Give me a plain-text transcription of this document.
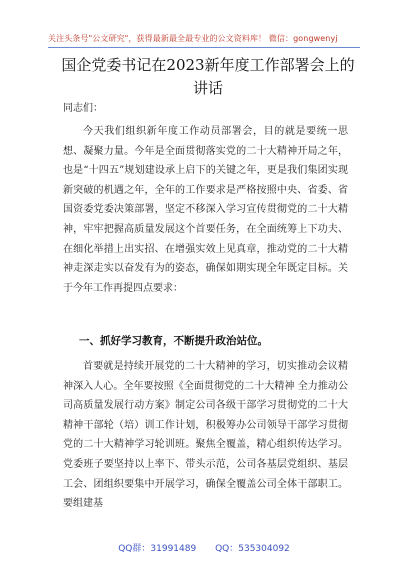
关注头条号"公文研究"，获得最新最全最专业的公文资料库！ 微信：gongwenyj
国企党委书记在2023新年度工作部署会上的讲话
同志们：

今天我们组织新年度工作动员部署会，目的就是要统一思想、凝聚力量。今年是全面贯彻落实党的二十大精神开局之年，也是“十四五”规划建设承上启下的关键之年，更是我们集团实现新突破的机遇之年，全年的工作要求是严格按照中央、省委、省国资委党委决策部署，坚定不移深入学习宣传贯彻党的二十大精神，牢牢把握高质量发展这个首要任务，在全面统筹上下功夫、在细化举措上出实招、在增强实效上见真章，推动党的二十大精神走深走实以奋发有为的姿态，确保如期实现全年既定目标。关于今年工作再提四点要求：

一、抓好学习教育，不断提升政治站位。

首要就是持续开展党的二十大精神的学习，切实推动会议精神深入人心。全年要按照《全面贯彻党的二十大精神 全力推动公司高质量发展行动方案》制定公司各级干部学习贯彻党的二十大精神干部轮（培）训工作计划，积极筹办公司领导干部学习贯彻党的二十大精神学习轮训班。聚焦全覆盖，精心组织传达学习。党委班子要坚持以上率下、带头示范，公司各基层党组织、基层工会、团组织要集中开展学习，确保全覆盖公司全体干部职工。要组建基

QQ群：31991489 QQ：535304092
